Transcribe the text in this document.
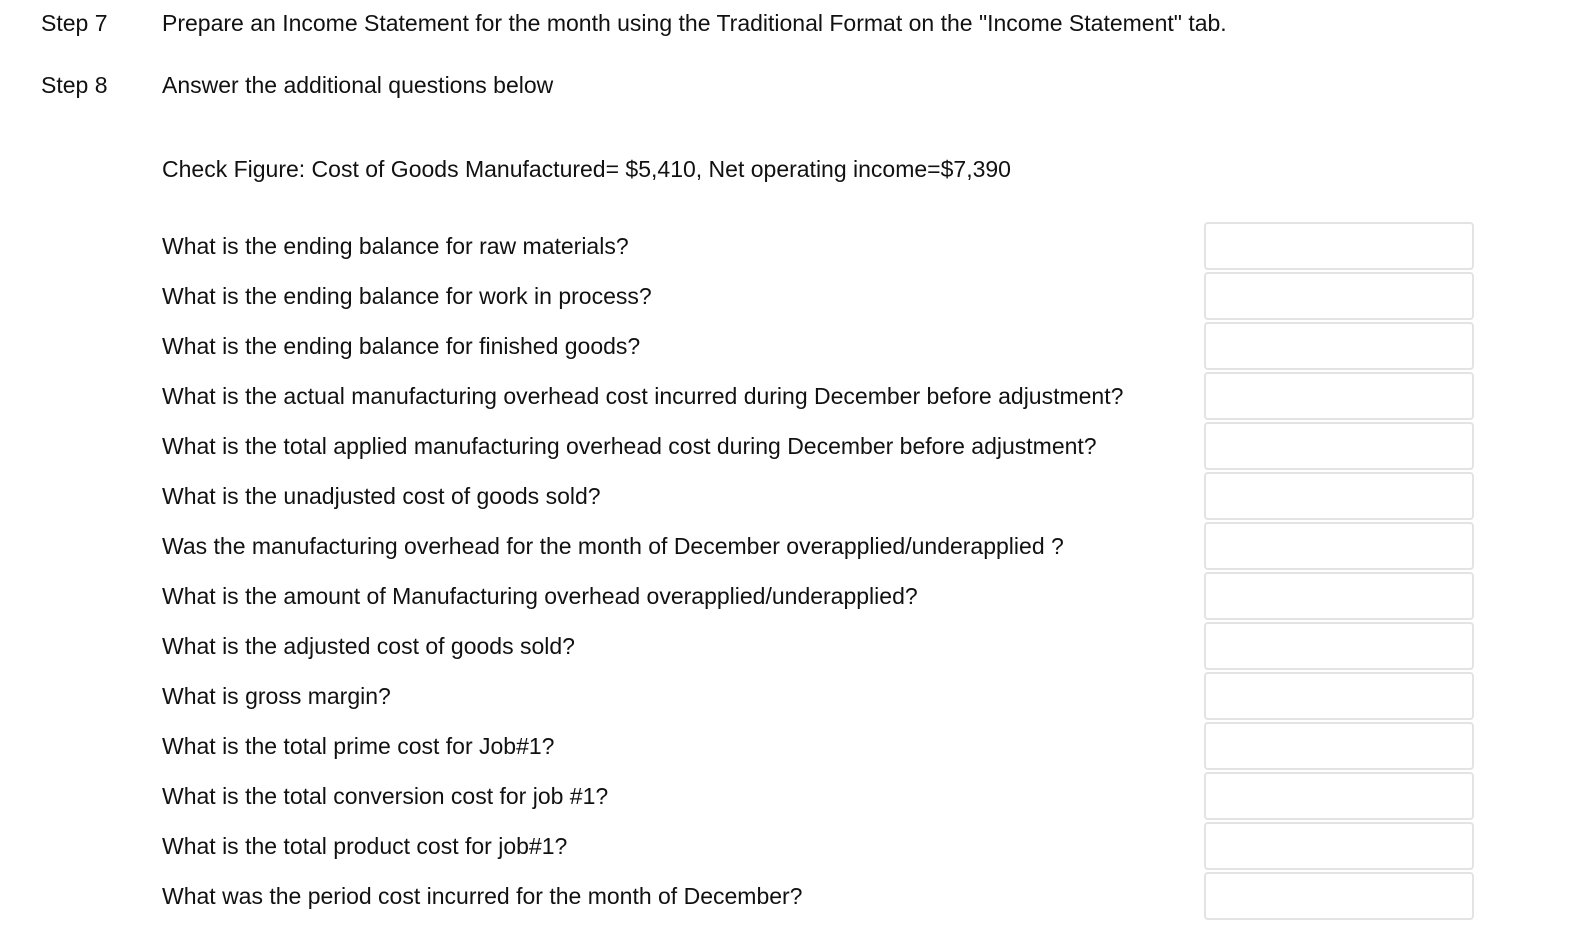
Step 7 Prepare an Income Statement for the month using the Traditional Format on the "Income Statement" tab.
Step 8 Answer the additional questions below
Check Figure: Cost of Goods Manufactured= $5,410, Net operating income=$7,390
What is the ending balance for raw materials?
What is the ending balance for work in process?
What is the ending balance for finished goods?
What is the actual manufacturing overhead cost incurred during December before adjustment?
What is the total applied manufacturing overhead cost during December before adjustment?
What is the unadjusted cost of goods sold?
Was the manufacturing overhead for the month of December overapplied/underapplied ?
What is the amount of Manufacturing overhead overapplied/underapplied?
What is the adjusted cost of goods sold?
What is gross margin?
What is the total prime cost for Job#1?
What is the total conversion cost for job #1?
What is the total product cost for job#1?
What was the period cost incurred for the month of December?
